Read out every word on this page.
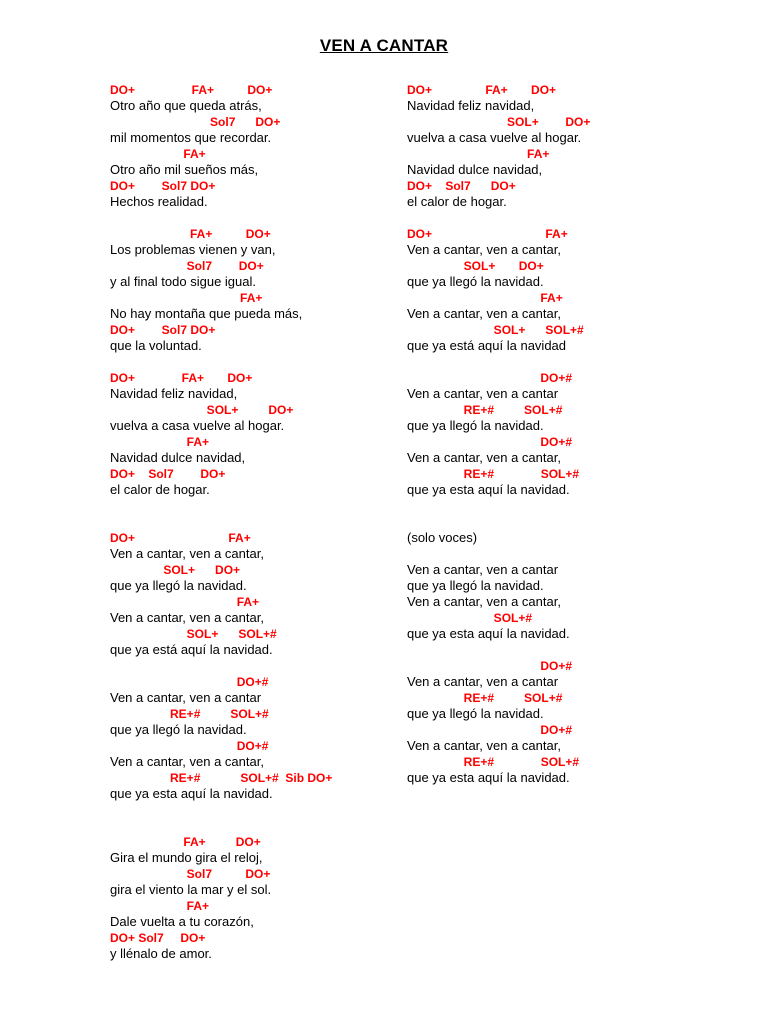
VEN A CANTAR
DO+                 FA+          DO+
Otro año que queda atrás,
Sol7      DO+
mil momentos que recordar.
FA+
Otro año mil sueños más,
DO+        Sol7 DO+
Hechos realidad.
FA+          DO+
Los problemas vienen y van,
Sol7        DO+
y al final todo sigue igual.
FA+
No hay montaña que pueda más,
DO+        Sol7 DO+
que la voluntad.
DO+              FA+       DO+
Navidad feliz navidad,
SOL+         DO+
vuelva a casa vuelve al hogar.
FA+
Navidad dulce navidad,
DO+    Sol7        DO+
el calor de hogar.
DO+                            FA+
Ven a cantar, ven a cantar,
SOL+      DO+
que ya llegó la navidad.
FA+
Ven a cantar, ven a cantar,
SOL+      SOL+#
que ya está aquí la navidad.
DO+#
Ven a cantar, ven a cantar
RE+#         SOL+#
que ya llegó la navidad.
DO+#
Ven a cantar, ven a cantar,
RE+#            SOL+#  Sib DO+
que ya esta aquí la navidad.
FA+         DO+
Gira el mundo gira el reloj,
Sol7          DO+
gira el viento la mar y el sol.
FA+
Dale vuelta a tu corazón,
DO+ Sol7     DO+
y llénalo de amor.
DO+                FA+       DO+
Navidad feliz navidad,
SOL+        DO+
vuelva a casa vuelve al hogar.
FA+
Navidad dulce navidad,
DO+    Sol7      DO+
el calor de hogar.
DO+                                  FA+
Ven a cantar, ven a cantar,
SOL+       DO+
que ya llegó la navidad.
FA+
Ven a cantar, ven a cantar,
SOL+      SOL+#
que ya está aquí la navidad
DO+#
Ven a cantar, ven a cantar
RE+#         SOL+#
que ya llegó la navidad.
DO+#
Ven a cantar, ven a cantar,
RE+#              SOL+#
que ya esta aquí la navidad.
(solo voces)
Ven a cantar, ven a cantar
que ya llegó la navidad.
Ven a cantar, ven a cantar,
SOL+#
que ya esta aquí la navidad.
DO+#
Ven a cantar, ven a cantar
RE+#         SOL+#
que ya llegó la navidad.
DO+#
Ven a cantar, ven a cantar,
RE+#              SOL+#
que ya esta aquí la navidad.
